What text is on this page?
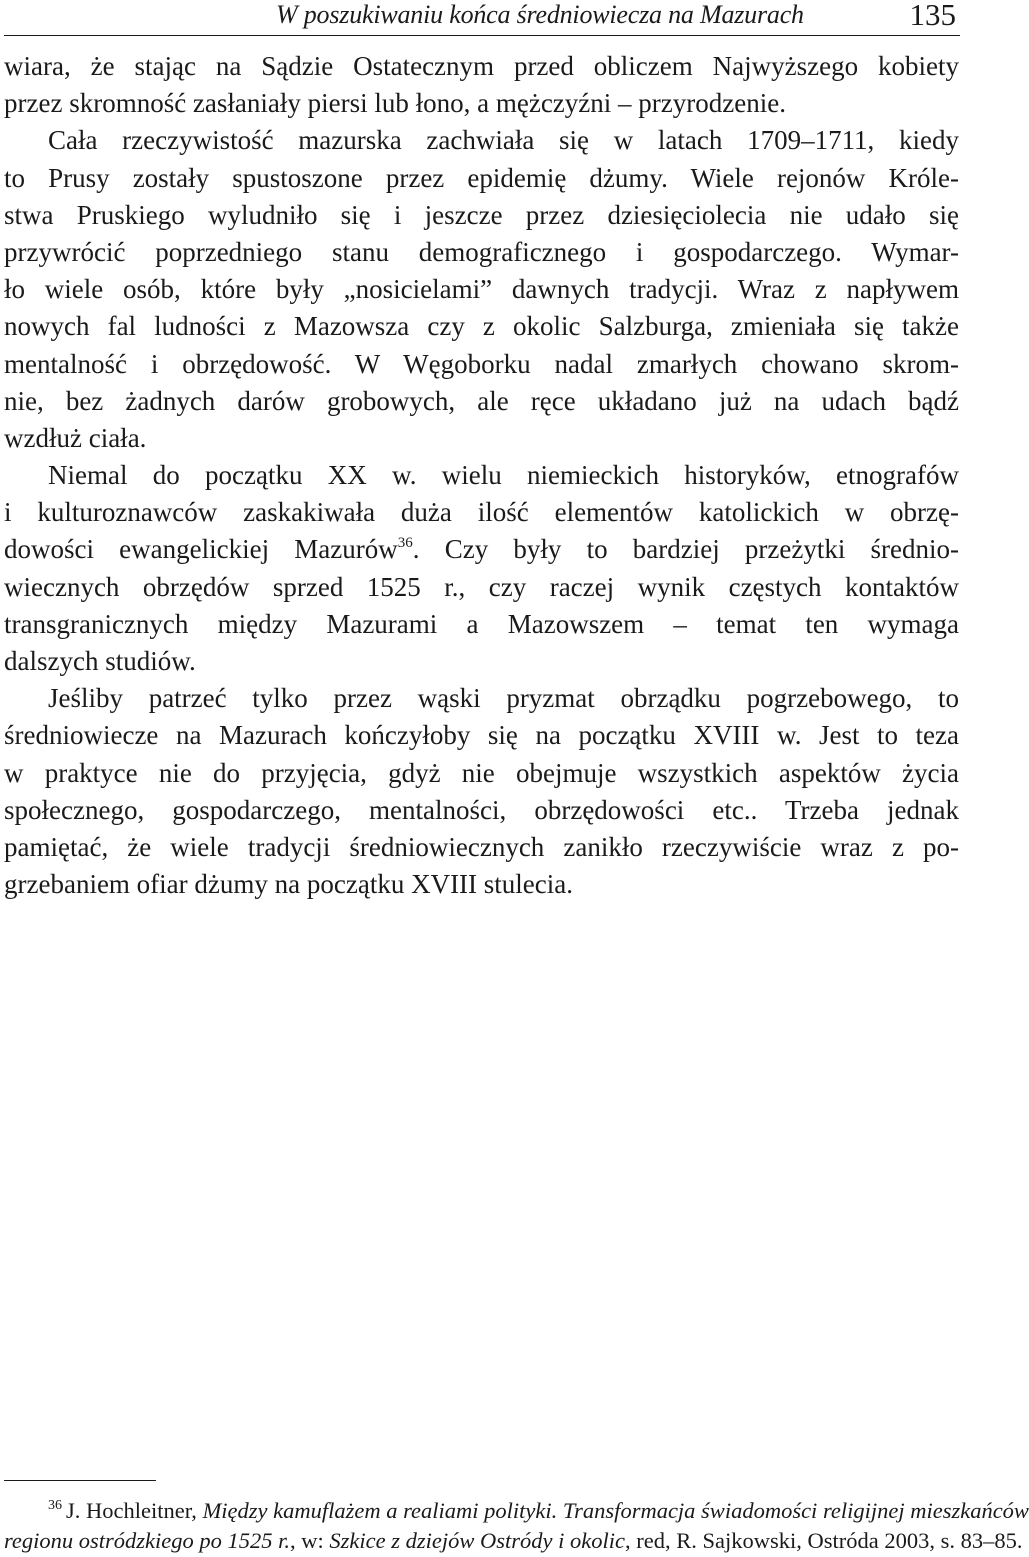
W poszukiwaniu końca średniowiecza na Mazurach	135
wiara, że stając na Sądzie Ostatecznym przed obliczem Najwyższego kobiety
przez skromność zasłaniały piersi lub łono, a mężczyźni – przyrodzenie.
Cała rzeczywistość mazurska zachwiała się w latach 1709–1711, kiedy
to Prusy zostały spustoszone przez epidemię dżumy. Wiele rejonów Króle-
stwa Pruskiego wyludniło się i jeszcze przez dziesięciolecia nie udało się
przywrócić poprzedniego stanu demograficznego i gospodarczego. Wymar-
ło wiele osób, które były „nosicielami” dawnych tradycji. Wraz z napływem
nowych fal ludności z Mazowsza czy z okolic Salzburga, zmieniała się także
mentalność i obrzędowość. W Węgoborku nadal zmarłych chowano skrom-
nie, bez żadnych darów grobowych, ale ręce układano już na udach bądź
wzdłuż ciała.
Niemal do początku XX w. wielu niemieckich historyków, etnografów
i kulturoznawców zaskakiwała duża ilość elementów katolickich w obrzę-
dowości ewangelickiej Mazurów$^{36}$. Czy były to bardziej przeżytki średnio-
wiecznych obrzędów sprzed 1525 r., czy raczej wynik częstych kontaktów
transgranicznych między Mazurami a Mazowszem – temat ten wymaga
dalszych studiów.
Jeśliby patrzeć tylko przez wąski pryzmat obrządku pogrzebowego, to
średniowiecze na Mazurach kończyłoby się na początku XVIII w. Jest to teza
w praktyce nie do przyjęcia, gdyż nie obejmuje wszystkich aspektów życia
społecznego, gospodarczego, mentalności, obrzędowości etc.. Trzeba jednak
pamiętać, że wiele tradycji średniowiecznych zanikło rzeczywiście wraz z po-
grzebaniem ofiar dżumy na początku XVIII stulecia.
$^{36}$ J. Hochleitner, Między kamuflażem a realiami polityki. Transformacja świadomości religijnej mieszkańców
regionu ostródzkiego po 1525 r., w: Szkice z dziejów Ostródy i okolic, red, R. Sajkowski, Ostróda 2003, s. 83–85.
